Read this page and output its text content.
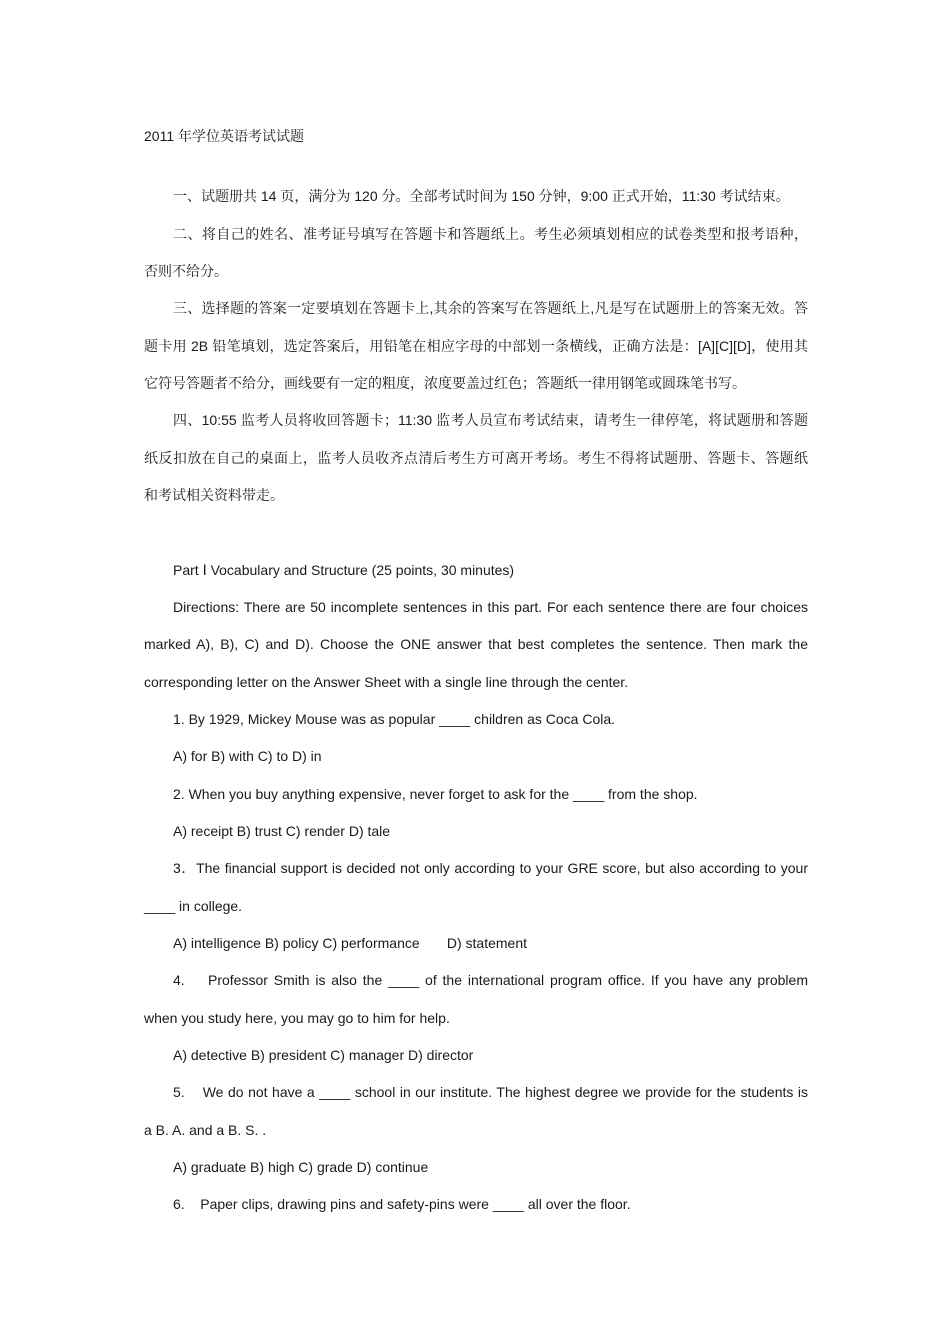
2011 年学位英语考试试题
一、试题册共 14 页，满分为 120 分。全部考试时间为 150 分钟，9:00 正式开始，11:30 考试结束。
二、将自己的姓名、准考证号填写在答题卡和答题纸上。考生必须填划相应的试卷类型和报考语种，
否则不给分。
三、选择题的答案一定要填划在答题卡上,其余的答案写在答题纸上,凡是写在试题册上的答案无效。答
题卡用 2B 铅笔填划，选定答案后，用铅笔在相应字母的中部划一条横线，正确方法是：[A][C][D]，使用其
它符号答题者不给分，画线要有一定的粗度，浓度要盖过红色；答题纸一律用钢笔或圆珠笔书写。
四、10:55 监考人员将收回答题卡；11:30 监考人员宣布考试结束，请考生一律停笔，将试题册和答题
纸反扣放在自己的桌面上，监考人员收齐点清后考生方可离开考场。考生不得将试题册、答题卡、答题纸
和考试相关资料带走。
Part Ⅰ Vocabulary and Structure (25 points, 30 minutes)
Directions: There are 50 incomplete sentences in this part. For each sentence there are four choices
marked A), B), C) and D). Choose the ONE answer that best completes the sentence. Then mark the
corresponding letter on the Answer Sheet with a single line through the center.
1. By 1929, Mickey Mouse was as popular ____ children as Coca Cola.
A) for B) with C) to D) in
2. When you buy anything expensive, never forget to ask for the ____ from the shop.
A) receipt B) trust C) render D) tale
3．The financial support is decided not only according to your GRE score, but also according to your
____ in college.
A) intelligence B) policy C) performance       D) statement
4.    Professor Smith is also the ____ of the international program office. If you have any problem
when you study here, you may go to him for help.
A) detective B) president C) manager D) director
5.    We do not have a ____ school in our institute. The highest degree we provide for the students is
a B. A. and a B. S. .
A) graduate B) high C) grade D) continue
6.    Paper clips, drawing pins and safety-pins were ____ all over the floor.
